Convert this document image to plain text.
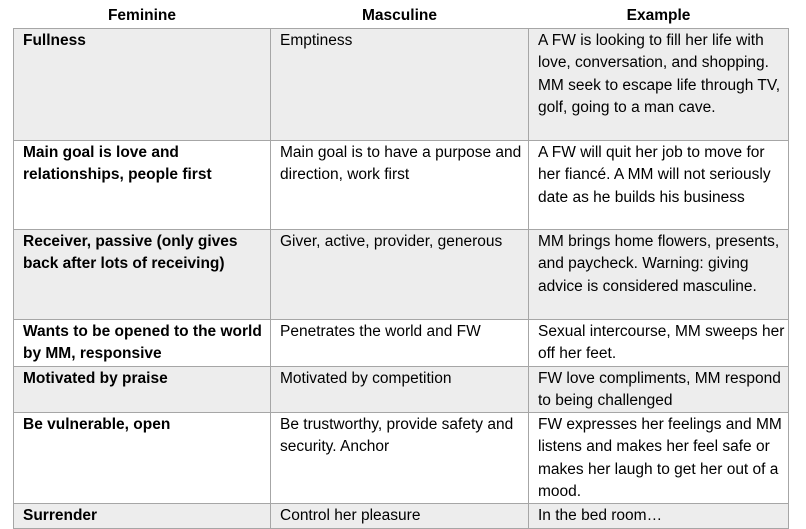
Feminine	Masculine	Example
Fullness	Emptiness	A FW is looking to fill her life with love, conversation, and shopping. MM seek to escape life through TV, golf, going to a man cave.
Main goal is love and relationships, people first	Main goal is to have a purpose and direction, work first	A FW will quit her job to move for her fiancé. A MM will not seriously date as he builds his business
Receiver, passive (only gives back after lots of receiving)	Giver, active, provider, generous	MM brings home flowers, presents, and paycheck. Warning: giving advice is considered masculine.
Wants to be opened to the world by MM, responsive	Penetrates the world and FW	Sexual intercourse, MM sweeps her off her feet.
Motivated by praise	Motivated by competition	FW love compliments, MM respond to being challenged
Be vulnerable, open	Be trustworthy, provide safety and security. Anchor	FW expresses her feelings and MM listens and makes her feel safe or makes her laugh to get her out of a mood.
Surrender	Control her pleasure	In the bed room…
